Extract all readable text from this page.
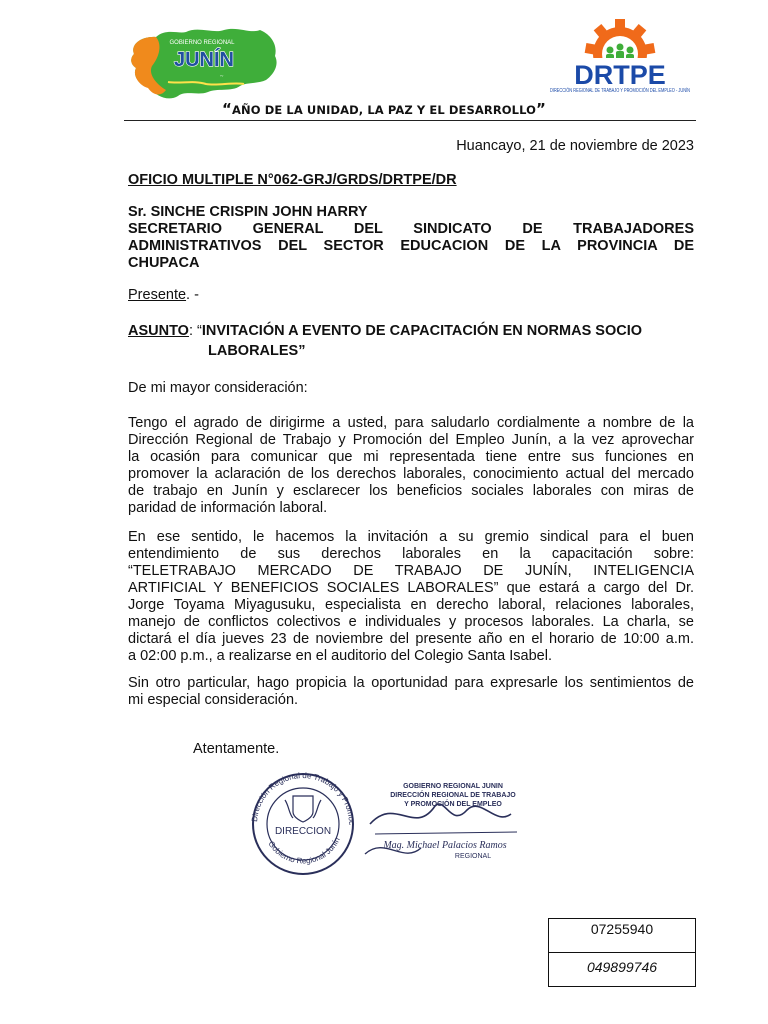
GOBIERNO REGIONAL
JUNÍN
~	DRTPE
DIRECCIÓN REGIONAL DE TRABAJO Y PROMOCIÓN DEL EMPLEO - JUNÍN
“AÑO DE LA UNIDAD, LA PAZ Y EL DESARROLLO”
Huancayo, 21 de noviembre de 2023
OFICIO MULTIPLE N°062-GRJ/GRDS/DRTPE/DR
Sr. SINCHE CRISPIN JOHN HARRY
SECRETARIO GENERAL DEL SINDICATO DE TRABAJADORES
ADMINISTRATIVOS DEL SECTOR EDUCACION DE LA PROVINCIA DE
CHUPACA
Presente. -
ASUNTO: “INVITACIÓN A EVENTO DE CAPACITACIÓN EN NORMAS SOCIO
LABORALES”
De mi mayor consideración:
Tengo el agrado de dirigirme a usted, para saludarlo cordialmente a nombre de la
Dirección Regional de Trabajo y Promoción del Empleo Junín, a la vez aprovechar
la ocasión para comunicar que mi representada tiene entre sus funciones en
promover la aclaración de los derechos laborales, conocimiento actual del mercado
de trabajo en Junín y esclarecer los beneficios sociales laborales con miras de
paridad de información laboral.
En ese sentido, le hacemos la invitación a su gremio sindical para el buen
entendimiento de sus derechos laborales en la capacitación sobre:
“TELETRABAJO MERCADO DE TRABAJO DE JUNÍN, INTELIGENCIA
ARTIFICIAL Y BENEFICIOS SOCIALES LABORALES” que estará a cargo del Dr.
Jorge Toyama Miyagusuku, especialista en derecho laboral, relaciones laborales,
manejo de conflictos colectivos e individuales y procesos laborales. La charla, se
dictará el día jueves 23 de noviembre del presente año en el horario de 10:00 a.m.
a 02:00 p.m., a realizarse en el auditorio del Colegio Santa Isabel.
Sin otro particular, hago propicia la oportunidad para expresarle los sentimientos de
mi especial consideración.
Atentamente.
Dirección Regional de Trabajo y Promoc
Gobierno Regional Junín
DIRECCION
GOBIERNO REGIONAL JUNIN
DIRECCIÓN REGIONAL DE TRABAJO
Y PROMOCIÓN DEL EMPLEO
Mag. Michael Palacios Ramos
REGIONAL
07255940
049899746
